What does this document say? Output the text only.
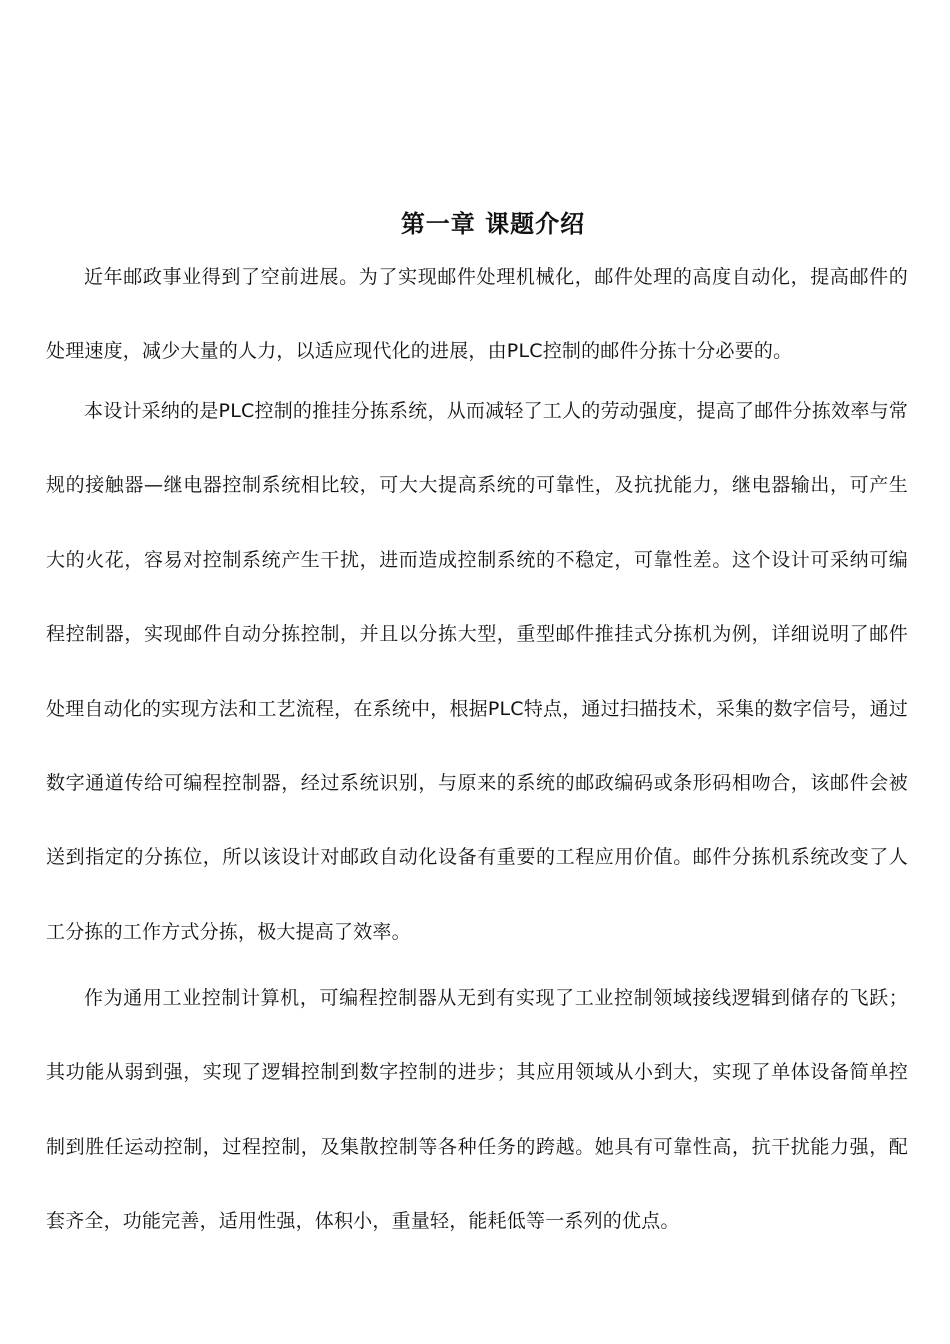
第一章 课题介绍

近年邮政事业得到了空前进展。为了实现邮件处理机械化，邮件处理的高度自动化，提高邮件的处理速度，减少大量的人力，以适应现代化的进展，由PLC控制的邮件分拣十分必要的。

本设计采纳的是PLC控制的推挂分拣系统，从而减轻了工人的劳动强度，提高了邮件分拣效率与常规的接触器—继电器控制系统相比较，可大大提高系统的可靠性，及抗扰能力，继电器输出，可产生大的火花，容易对控制系统产生干扰，进而造成控制系统的不稳定，可靠性差。这个设计可采纳可编程控制器，实现邮件自动分拣控制，并且以分拣大型，重型邮件推挂式分拣机为例，详细说明了邮件处理自动化的实现方法和工艺流程，在系统中，根据PLC特点，通过扫描技术，采集的数字信号，通过数字通道传给可编程控制器，经过系统识别，与原来的系统的邮政编码或条形码相吻合，该邮件会被送到指定的分拣位，所以该设计对邮政自动化设备有重要的工程应用价值。邮件分拣机系统改变了人工分拣的工作方式分拣，极大提高了效率。

作为通用工业控制计算机，可编程控制器从无到有实现了工业控制领域接线逻辑到储存的飞跃；其功能从弱到强，实现了逻辑控制到数字控制的进步；其应用领域从小到大，实现了单体设备简单控制到胜任运动控制，过程控制，及集散控制等各种任务的跨越。她具有可靠性高，抗干扰能力强，配套齐全，功能完善，适用性强，体积小，重量轻，能耗低等一系列的优点。
